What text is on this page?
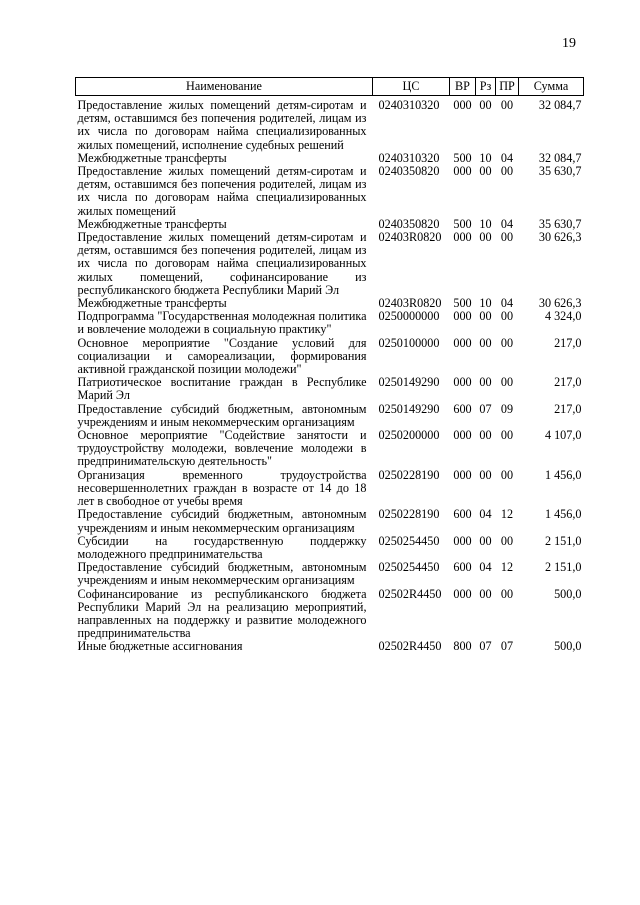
19
Наименование	ЦС	ВР	Рз	ПР	Сумма
Предоставление жилых помещений детям-сиротам и детям, оставшимся без попечения родителей, лицам из их числа по договорам найма специализированных жилых помещений, исполнение судебных решений	0240310320	000	00	00	32 084,7
Межбюджетные трансферты	0240310320	500	10	04	32 084,7
Предоставление жилых помещений детям-сиротам и детям, оставшимся без попечения родителей, лицам из их числа по договорам найма специализированных жилых помещений	0240350820	000	00	00	35 630,7
Межбюджетные трансферты	0240350820	500	10	04	35 630,7
Предоставление жилых помещений детям-сиротам и детям, оставшимся без попечения родителей, лицам из их числа по договорам найма специализированных жилых помещений, софинансирование из республиканского бюджета Республики Марий Эл	02403R0820	000	00	00	30 626,3
Межбюджетные трансферты	02403R0820	500	10	04	30 626,3
Подпрограмма "Государственная молодежная политика и вовлечение молодежи в социальную практику"	0250000000	000	00	00	4 324,0
Основное мероприятие "Создание условий для социализации и самореализации, формирования активной гражданской позиции молодежи"	0250100000	000	00	00	217,0
Патриотическое воспитание граждан в Республике Марий Эл	0250149290	000	00	00	217,0
Предоставление субсидий бюджетным, автономным учреждениям и иным некоммерческим организациям	0250149290	600	07	09	217,0
Основное мероприятие "Содействие занятости и трудоустройству молодежи, вовлечение молодежи в предпринимательскую деятельность"	0250200000	000	00	00	4 107,0
Организация временного трудоустройства несовершеннолетних граждан в возрасте от 14 до 18 лет в свободное от учебы время	0250228190	000	00	00	1 456,0
Предоставление субсидий бюджетным, автономным учреждениям и иным некоммерческим организациям	0250228190	600	04	12	1 456,0
Субсидии на государственную поддержку молодежного предпринимательства	0250254450	000	00	00	2 151,0
Предоставление субсидий бюджетным, автономным учреждениям и иным некоммерческим организациям	0250254450	600	04	12	2 151,0
Софинансирование из республиканского бюджета Республики Марий Эл на реализацию мероприятий, направленных на поддержку и развитие молодежного предпринимательства	02502R4450	000	00	00	500,0
Иные бюджетные ассигнования	02502R4450	800	07	07	500,0
